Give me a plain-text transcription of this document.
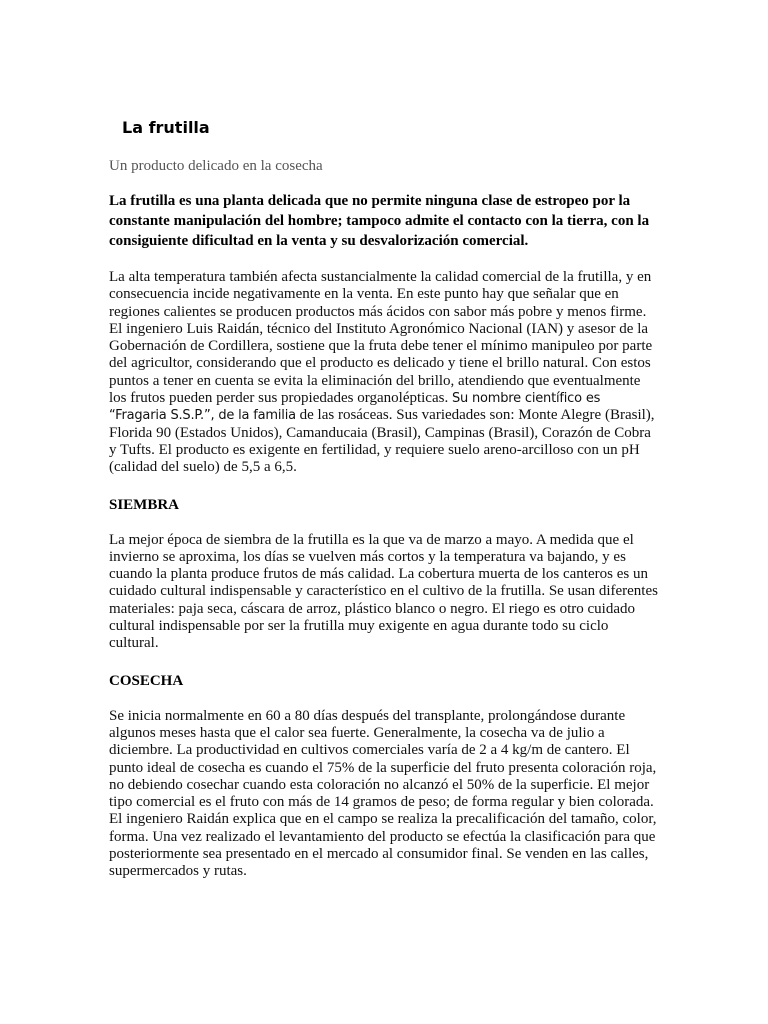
La frutilla

Un producto delicado en la cosecha

La frutilla es una planta delicada que no permite ninguna clase de estropeo por la constante manipulación del hombre; tampoco admite el contacto con la tierra, con la consiguiente dificultad en la venta y su desvalorización comercial.

La alta temperatura también afecta sustancialmente la calidad comercial de la frutilla, y en consecuencia incide negativamente en la venta. En este punto hay que señalar que en regiones calientes se producen productos más ácidos con sabor más pobre y menos firme. El ingeniero Luis Raidán, técnico del Instituto Agronómico Nacional (IAN) y asesor de la Gobernación de Cordillera, sostiene que la fruta debe tener el mínimo manipuleo por parte del agricultor, considerando que el producto es delicado y tiene el brillo natural. Con estos puntos a tener en cuenta se evita la eliminación del brillo, atendiendo que eventualmente los frutos pueden perder sus propiedades organolépticas. Su nombre científico es “Fragaria S.S.P.”, de la familia de las rosáceas. Sus variedades son: Monte Alegre (Brasil), Florida 90 (Estados Unidos), Camanducaia (Brasil), Campinas (Brasil), Corazón de Cobra y Tufts. El producto es exigente en fertilidad, y requiere suelo areno-arcilloso con un pH (calidad del suelo) de 5,5 a 6,5.

SIEMBRA

La mejor época de siembra de la frutilla es la que va de marzo a mayo. A medida que el invierno se aproxima, los días se vuelven más cortos y la temperatura va bajando, y es cuando la planta produce frutos de más calidad. La cobertura muerta de los canteros es un cuidado cultural indispensable y característico en el cultivo de la frutilla. Se usan diferentes materiales: paja seca, cáscara de arroz, plástico blanco o negro. El riego es otro cuidado cultural indispensable por ser la frutilla muy exigente en agua durante todo su ciclo cultural.

COSECHA

Se inicia normalmente en 60 a 80 días después del transplante, prolongándose durante algunos meses hasta que el calor sea fuerte. Generalmente, la cosecha va de julio a diciembre. La productividad en cultivos comerciales varía de 2 a 4 kg/m de cantero. El punto ideal de cosecha es cuando el 75% de la superficie del fruto presenta coloración roja, no debiendo cosechar cuando esta coloración no alcanzó el 50% de la superficie. El mejor tipo comercial es el fruto con más de 14 gramos de peso; de forma regular y bien colorada.

El ingeniero Raidán explica que en el campo se realiza la precalificación del tamaño, color, forma. Una vez realizado el levantamiento del producto se efectúa la clasificación para que posteriormente sea presentado en el mercado al consumidor final. Se venden en las calles, supermercados y rutas.
